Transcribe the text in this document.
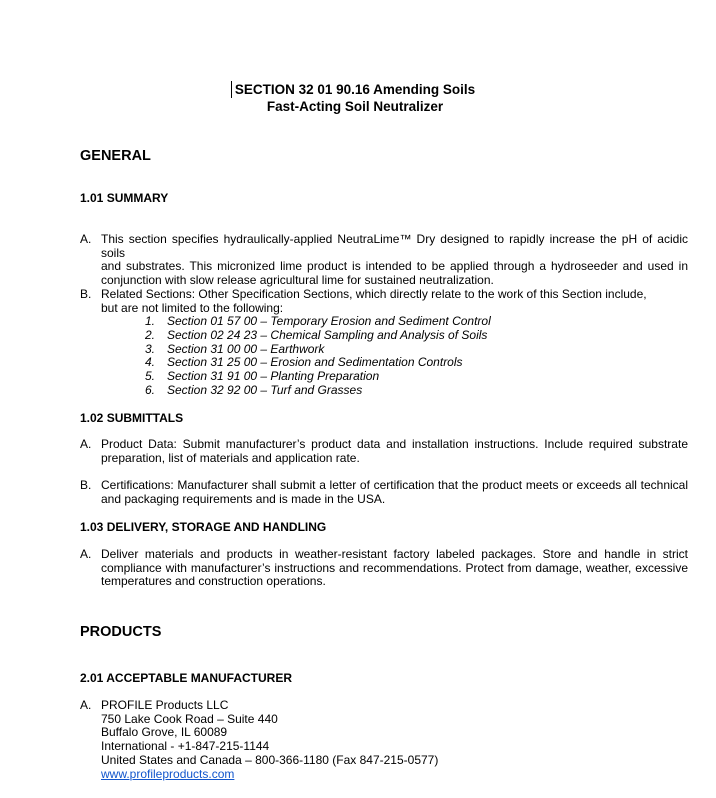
SECTION 32 01 90.16 Amending Soils
Fast-Acting Soil Neutralizer
GENERAL
1.01 SUMMARY
A. This section specifies hydraulically-applied NeutraLime™ Dry designed to rapidly increase the pH of acidic soils
and substrates. This micronized lime product is intended to be applied through a hydroseeder and used in
conjunction with slow release agricultural lime for sustained neutralization.
B. Related Sections: Other Specification Sections, which directly relate to the work of this Section include,
but are not limited to the following:
1. Section 01 57 00 – Temporary Erosion and Sediment Control
2. Section 02 24 23 – Chemical Sampling and Analysis of Soils
3. Section 31 00 00 – Earthwork
4. Section 31 25 00 – Erosion and Sedimentation Controls
5. Section 31 91 00 – Planting Preparation
6. Section 32 92 00 – Turf and Grasses
1.02 SUBMITTALS
A. Product Data: Submit manufacturer’s product data and installation instructions. Include required substrate
preparation, list of materials and application rate.
B. Certifications: Manufacturer shall submit a letter of certification that the product meets or exceeds all technical
and packaging requirements and is made in the USA.
1.03 DELIVERY, STORAGE AND HANDLING
A. Deliver materials and products in weather-resistant factory labeled packages. Store and handle in strict
compliance with manufacturer’s instructions and recommendations. Protect from damage, weather, excessive
temperatures and construction operations.
PRODUCTS
2.01 ACCEPTABLE MANUFACTURER
A. PROFILE Products LLC
750 Lake Cook Road – Suite 440
Buffalo Grove, IL 60089
International - +1-847-215-1144
United States and Canada – 800-366-1180 (Fax 847-215-0577)
www.profileproducts.com
